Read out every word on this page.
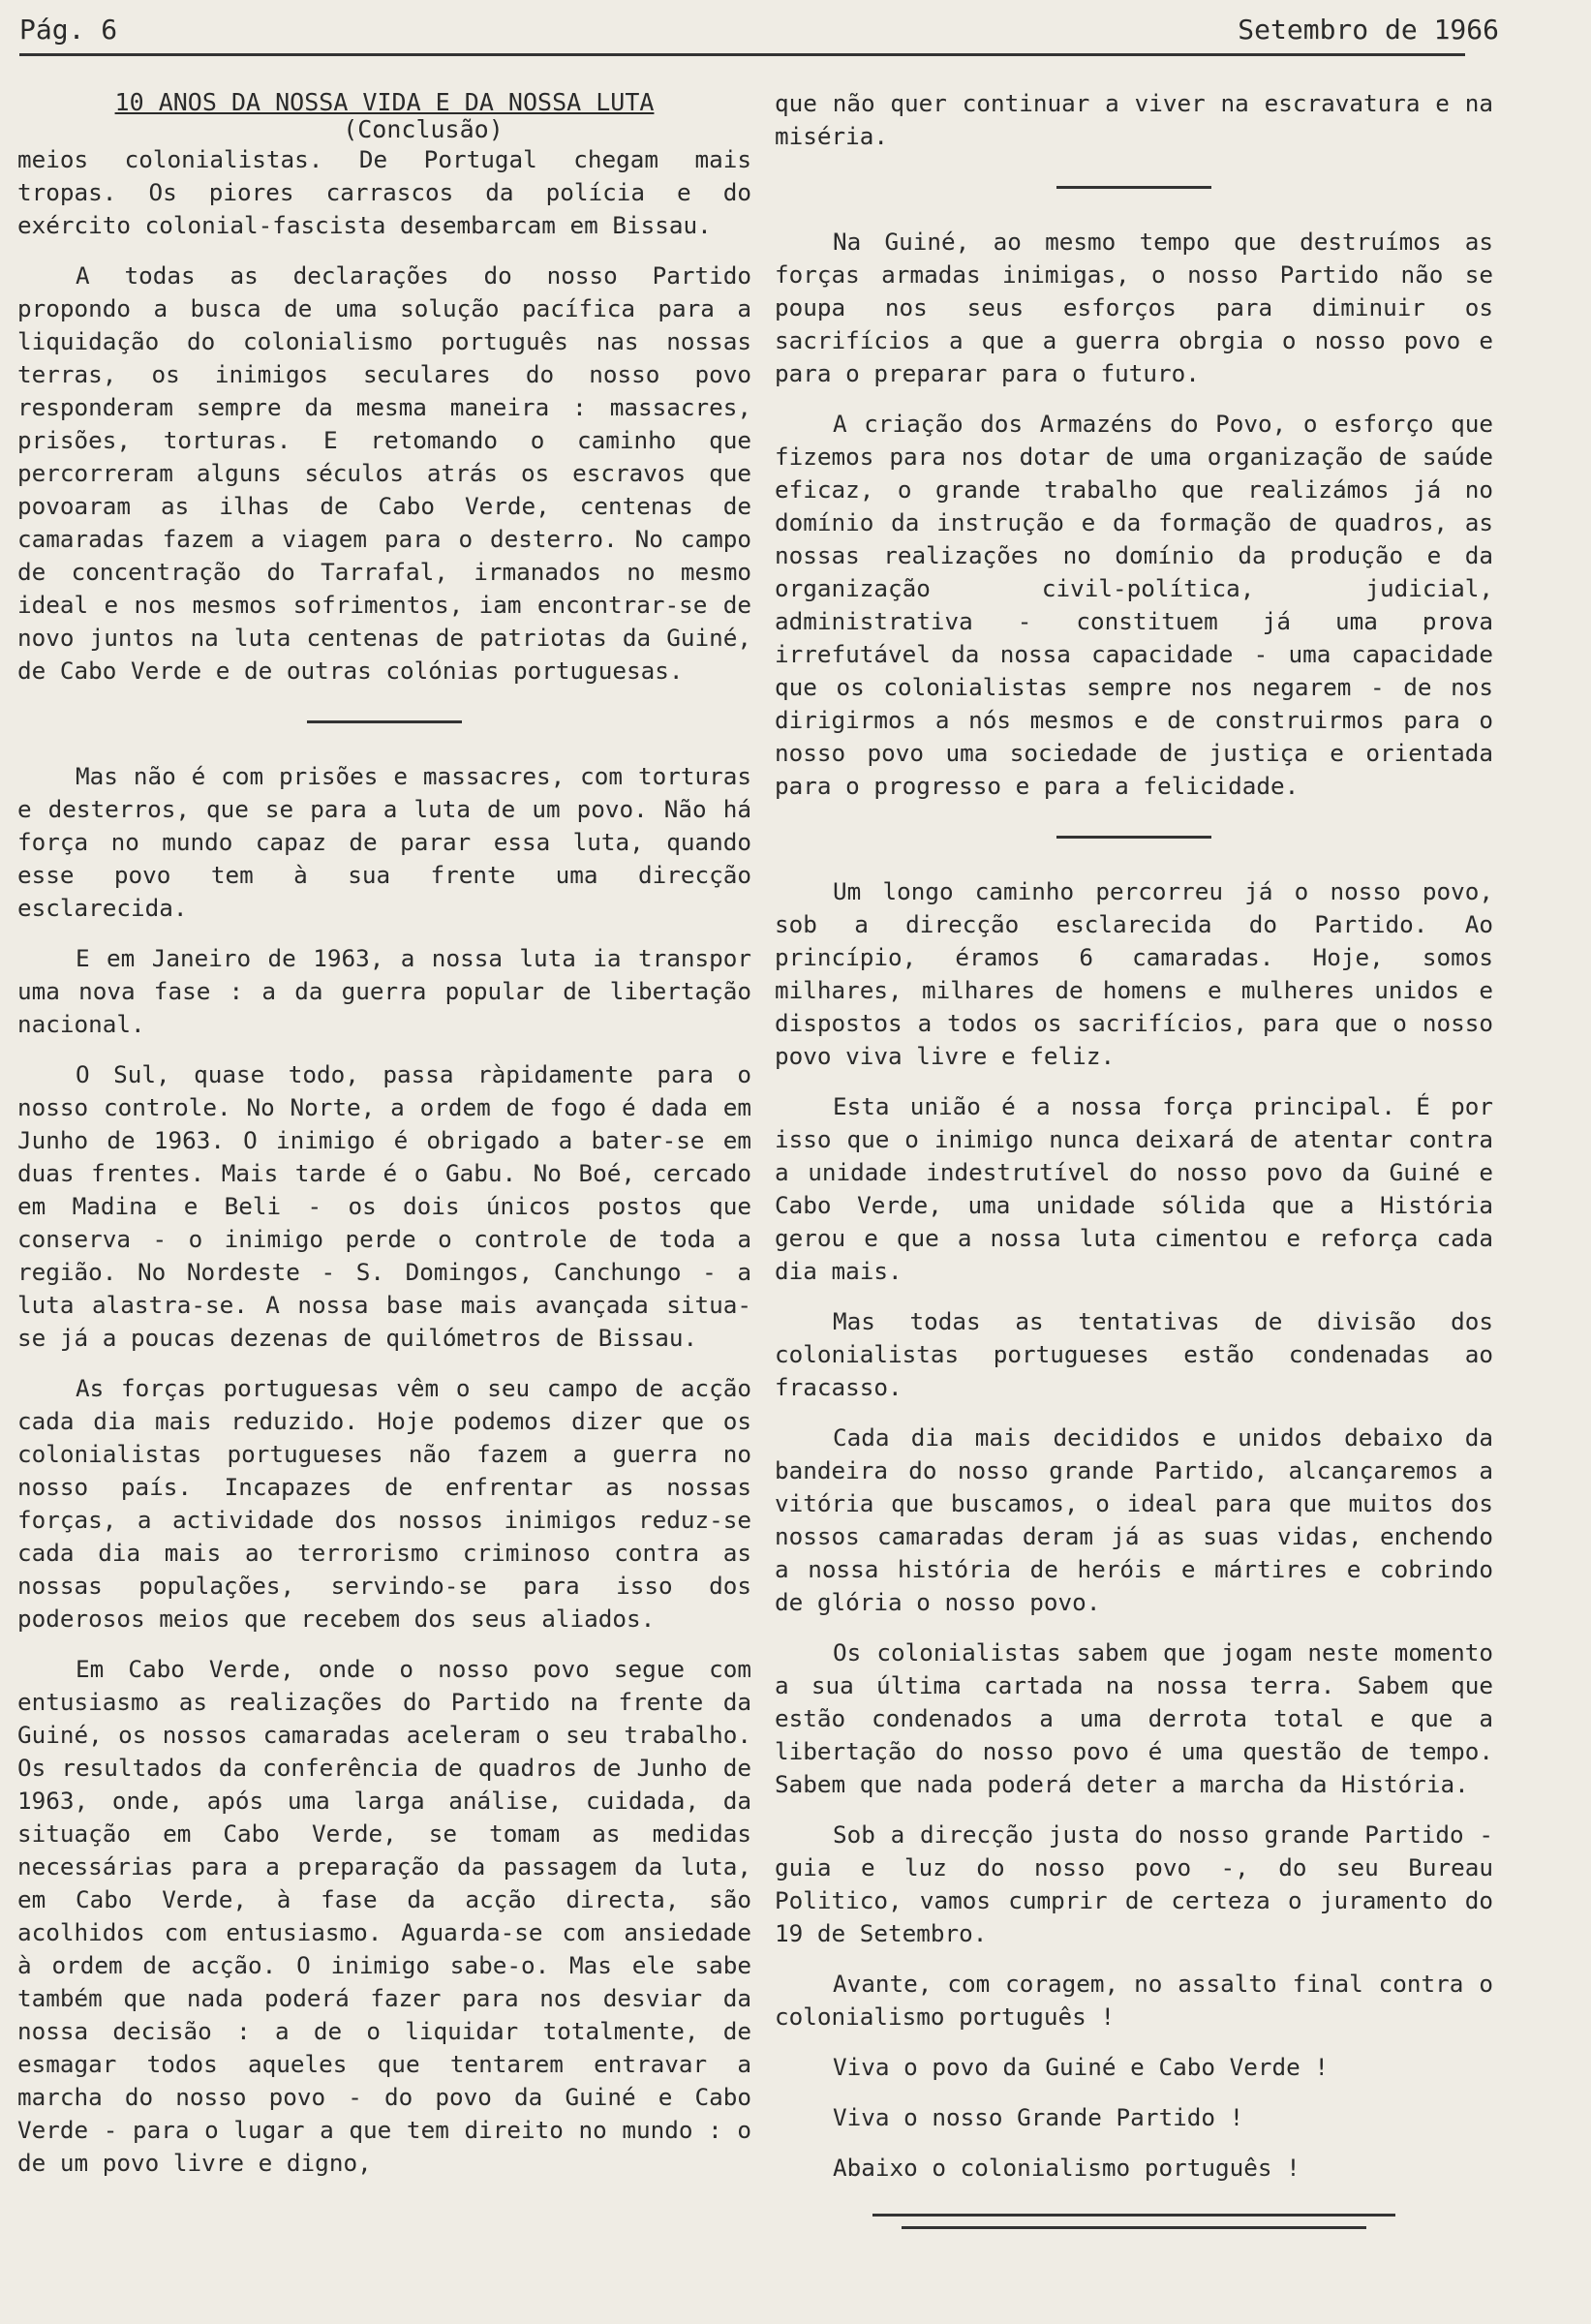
Pág. 6	Setembro de 1966
10 ANOS DA NOSSA VIDA E DA NOSSA LUTA
(Conclusão)

meios colonialistas. De Portugal chegam mais tropas. Os piores carrascos da polícia e do exército colonial-fascista desembarcam em Bissau.

A todas as declarações do nosso Partido propondo a busca de uma solução pacífica para a liquidação do colonialismo português nas nossas terras, os inimigos seculares do nosso povo responderam sempre da mesma maneira : massacres, prisões, torturas. E retomando o caminho que percorreram alguns séculos atrás os escravos que povoaram as ilhas de Cabo Verde, centenas de camaradas fazem a viagem para o desterro. No campo de concentração do Tarrafal, irmanados no mesmo ideal e nos mesmos sofrimentos, iam encontrar-se de novo juntos na luta centenas de patriotas da Guiné, de Cabo Verde e de outras colónias portuguesas.

Mas não é com prisões e massacres, com torturas e desterros, que se para a luta de um povo. Não há força no mundo capaz de parar essa luta, quando esse povo tem à sua frente uma direcção esclarecida.

E em Janeiro de 1963, a nossa luta ia transpor uma nova fase : a da guerra popular de libertação nacional.

O Sul, quase todo, passa ràpidamente para o nosso controle. No Norte, a ordem de fogo é dada em Junho de 1963. O inimigo é obrigado a bater-se em duas frentes. Mais tarde é o Gabu. No Boé, cercado em Madina e Beli - os dois únicos postos que conserva - o inimigo perde o controle de toda a região. No Nordeste - S. Domingos, Canchungo - a luta alastra-se. A nossa base mais avançada situa-se já a poucas dezenas de quilómetros de Bissau.

As forças portuguesas vêm o seu campo de acção cada dia mais reduzido. Hoje podemos dizer que os colonialistas portugueses não fazem a guerra no nosso país. Incapazes de enfrentar as nossas forças, a actividade dos nossos inimigos reduz-se cada dia mais ao terrorismo criminoso contra as nossas populações, servindo-se para isso dos poderosos meios que recebem dos seus aliados.

Em Cabo Verde, onde o nosso povo segue com entusiasmo as realizações do Partido na frente da Guiné, os nossos camaradas aceleram o seu trabalho. Os resultados da conferência de quadros de Junho de 1963, onde, após uma larga análise, cuidada, da situação em Cabo Verde, se tomam as medidas necessárias para a preparação da passagem da luta, em Cabo Verde, à fase da acção directa, são acolhidos com entusiasmo. Aguarda-se com ansiedade à ordem de acção. O inimigo sabe-o. Mas ele sabe também que nada poderá fazer para nos desviar da nossa decisão : a de o liquidar totalmente, de esmagar todos aqueles que tentarem entravar a marcha do nosso povo - do povo da Guiné e Cabo Verde - para o lugar a que tem direito no mundo : o de um povo livre e digno,

que não quer continuar a viver na escravatura e na miséria.

Na Guiné, ao mesmo tempo que destruímos as forças armadas inimigas, o nosso Partido não se poupa nos seus esforços para diminuir os sacrifícios a que a guerra obrgia o nosso povo e para o preparar para o futuro.

A criação dos Armazéns do Povo, o esforço que fizemos para nos dotar de uma organização de saúde eficaz, o grande trabalho que realizámos já no domínio da instrução e da formação de quadros, as nossas realizações no domínio da produção e da organização civil-política, judicial, administrativa - constituem já uma prova irrefutável da nossa capacidade - uma capacidade que os colonialistas sempre nos negarem - de nos dirigirmos a nós mesmos e de construirmos para o nosso povo uma sociedade de justiça e orientada para o progresso e para a felicidade.

Um longo caminho percorreu já o nosso povo, sob a direcção esclarecida do Partido. Ao princípio, éramos 6 camaradas. Hoje, somos milhares, milhares de homens e mulheres unidos e dispostos a todos os sacrifícios, para que o nosso povo viva livre e feliz.

Esta união é a nossa força principal. É por isso que o inimigo nunca deixará de atentar contra a unidade indestrutível do nosso povo da Guiné e Cabo Verde, uma unidade sólida que a História gerou e que a nossa luta cimentou e reforça cada dia mais.

Mas todas as tentativas de divisão dos colonialistas portugueses estão condenadas ao fracasso.

Cada dia mais decididos e unidos debaixo da bandeira do nosso grande Partido, alcançaremos a vitória que buscamos, o ideal para que muitos dos nossos camaradas deram já as suas vidas, enchendo a nossa história de heróis e mártires e cobrindo de glória o nosso povo.

Os colonialistas sabem que jogam neste momento a sua última cartada na nossa terra. Sabem que estão condenados a uma derrota total e que a libertação do nosso povo é uma questão de tempo. Sabem que nada poderá deter a marcha da História.

Sob a direcção justa do nosso grande Partido - guia e luz do nosso povo -, do seu Bureau Politico, vamos cumprir de certeza o juramento do 19 de Setembro.

Avante, com coragem, no assalto final contra o colonialismo português !

Viva o povo da Guiné e Cabo Verde !

Viva o nosso Grande Partido !

Abaixo o colonialismo português !
